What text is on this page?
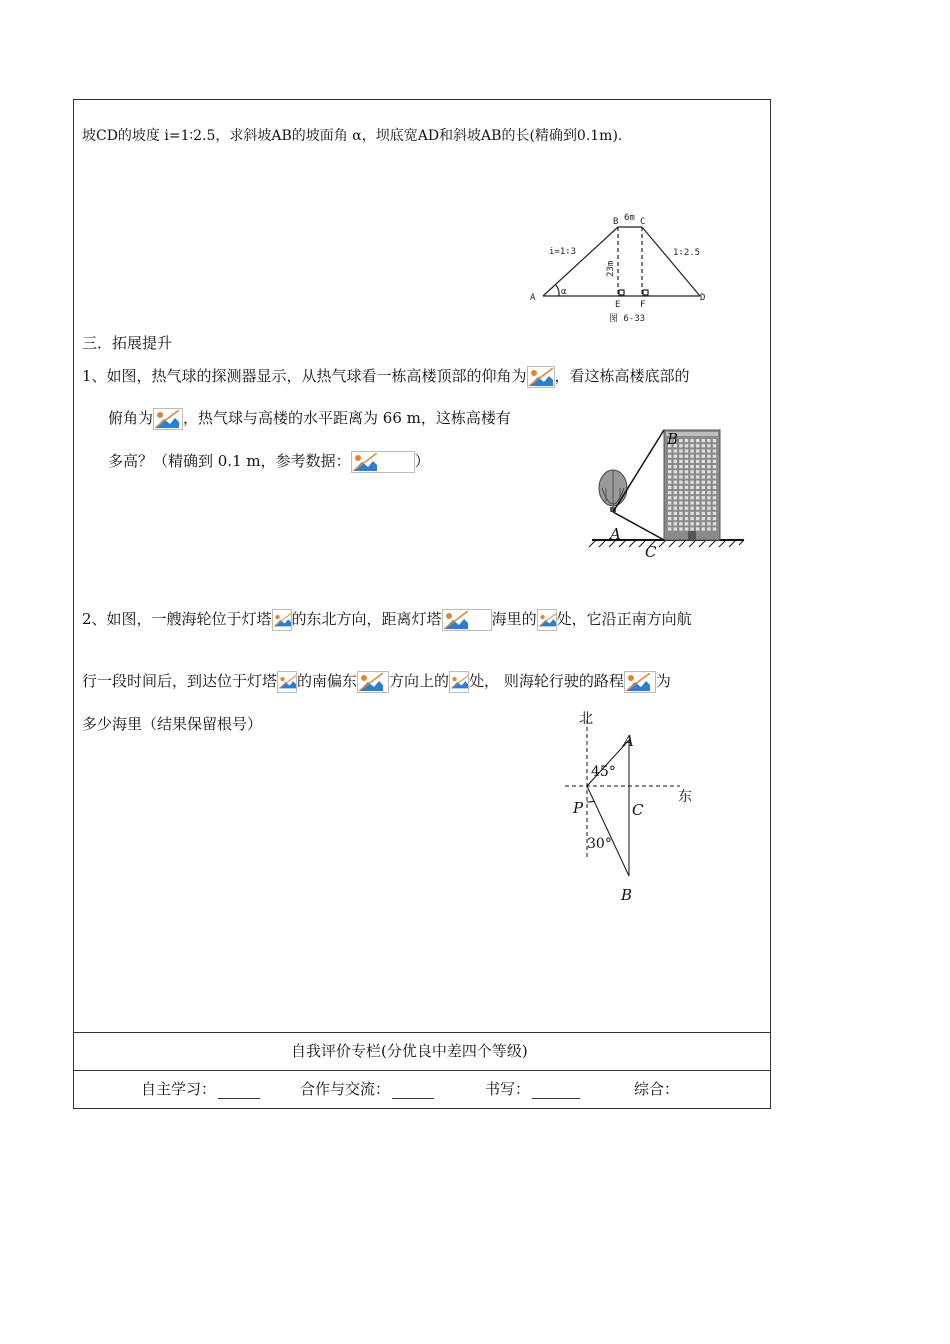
坡CD的坡度 i=1∶2.5，求斜坡AB的坡面角 α，坝底宽AD和斜坡AB的长(精确到0.1m).
6m
B C
i=1∶3	1∶2.5
23m
A
α
E F
D
图 6-33
三．拓展提升
1、如图，热气球的探测器显示，从热气球看一栋高楼顶部的仰角为 ，看这栋高楼底部的
俯角为 ，热气球与高楼的水平距离为 66 m，这栋高楼有
多高？（精确到 0.1 m，参考数据：	）
B
A
C
2、如图，一艘海轮位于灯塔 的东北方向，距离灯塔	海里的 处，它沿正南方向航
行一段时间后，到达位于灯塔 的南偏东 方向上的 处， 则海轮行驶的路程 为
多少海里（结果保留根号）	北
东
45°
30°
A
P	C
B
自我评价专栏(分优良中差四个等级)
自主学习：	合作与交流：	书写：	综合：
